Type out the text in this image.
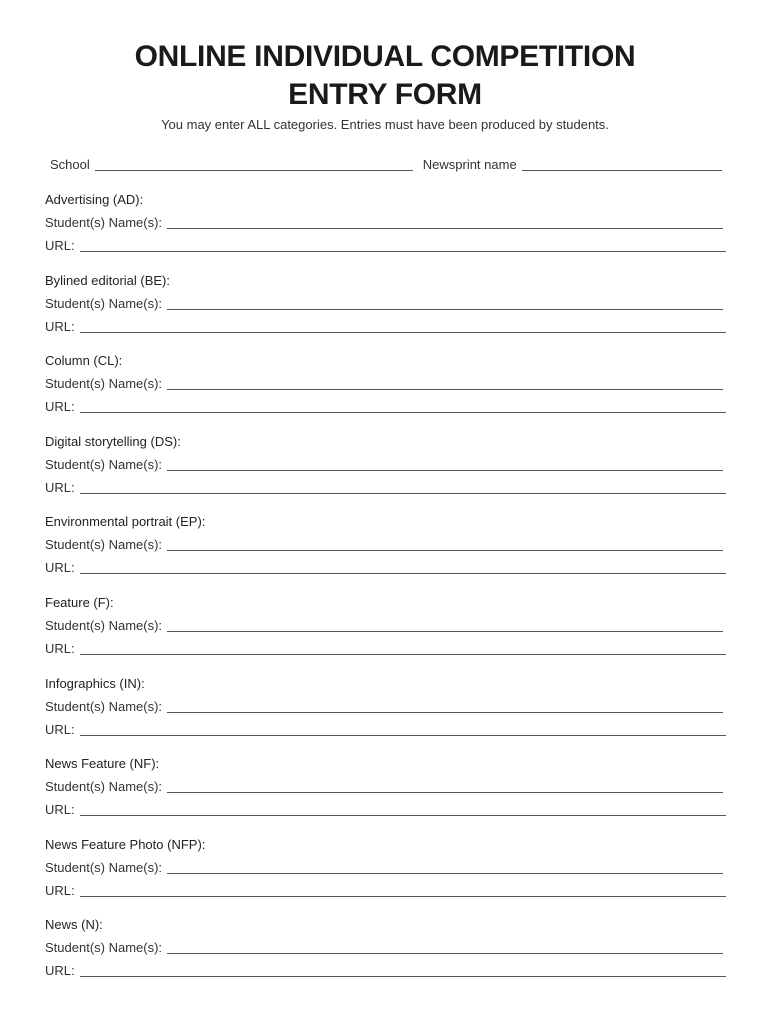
ONLINE INDIVIDUAL COMPETITION
ENTRY FORM
You may enter ALL categories. Entries must have been produced by students.
School	Newsprint name
Advertising (AD):
Student(s) Name(s):
URL:
Bylined editorial (BE):
Student(s) Name(s):
URL:
Column (CL):
Student(s) Name(s):
URL:
Digital storytelling (DS):
Student(s) Name(s):
URL:
Environmental portrait (EP):
Student(s) Name(s):
URL:
Feature (F):
Student(s) Name(s):
URL:
Infographics (IN):
Student(s) Name(s):
URL:
News Feature (NF):
Student(s) Name(s):
URL:
News Feature Photo (NFP):
Student(s) Name(s):
URL:
News (N):
Student(s) Name(s):
URL:
